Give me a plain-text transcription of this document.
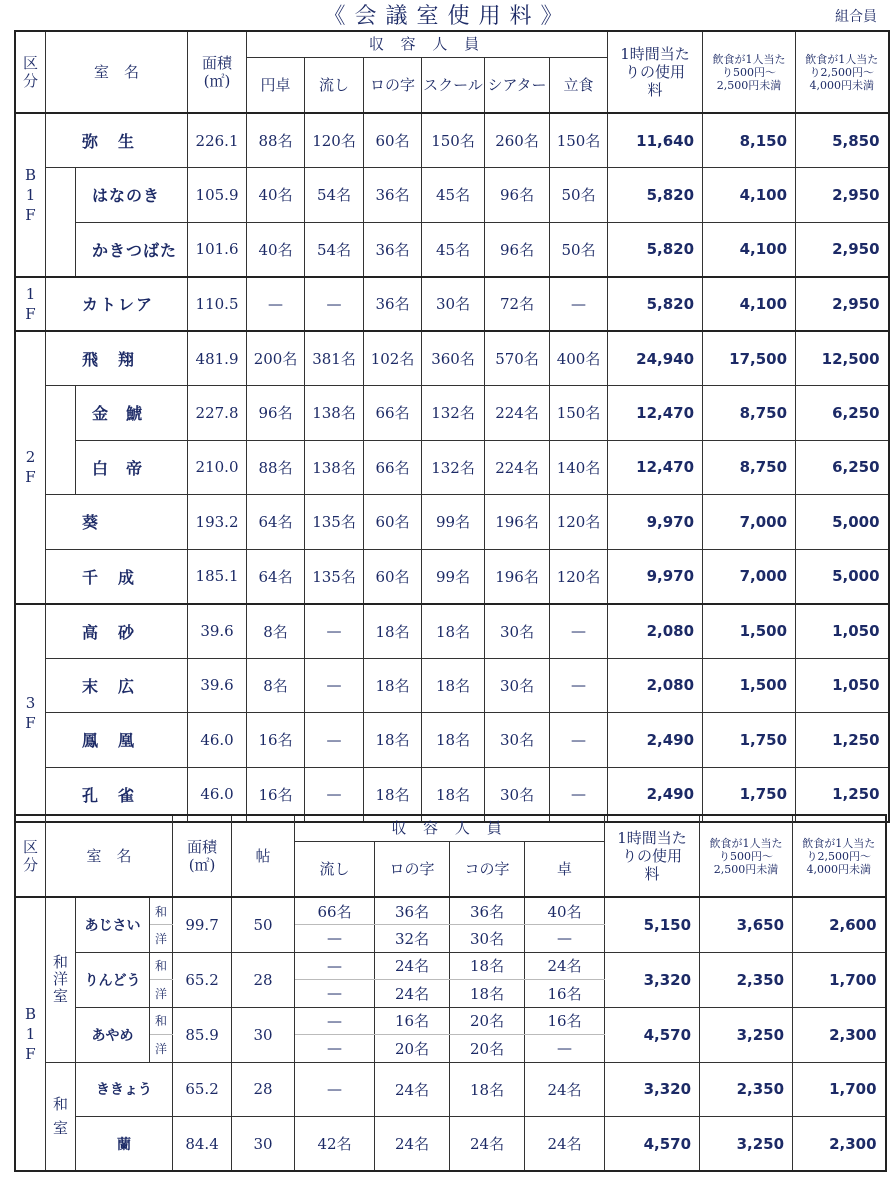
《会議室使用料》	組合員
区分	室　名		面積
(㎡)	収 容 人 員						1時間当たりの使用料	飲食が1人当たり500円〜2,500円未満	飲食が1人当たり2,500円〜4,000円未満
				円卓	流し	ロの字	スクール	シアター	立食			
B 1 F	弥　生		226.1	88名	120名	60名	150名	260名	150名	11,640	8,150	5,850
		はなのき	105.9	40名	54名	36名	45名	96名	50名	5,820	4,100	2,950
		かきつばた	101.6	40名	54名	36名	45名	96名	50名	5,820	4,100	2,950
1 F	カトレア		110.5	—	—	36名	30名	72名	—	5,820	4,100	2,950
2 F	飛　翔		481.9	200名	381名	102名	360名	570名	400名	24,940	17,500	12,500
		金　鯱	227.8	96名	138名	66名	132名	224名	150名	12,470	8,750	6,250
		白　帝	210.0	88名	138名	66名	132名	224名	140名	12,470	8,750	6,250
	葵		193.2	64名	135名	60名	99名	196名	120名	9,970	7,000	5,000
	千　成		185.1	64名	135名	60名	99名	196名	120名	9,970	7,000	5,000
3 F	高　砂		39.6	8名	—	18名	18名	30名	—	2,080	1,500	1,050
	末　広		39.6	8名	—	18名	18名	30名	—	2,080	1,500	1,050
	鳳　凰		46.0	16名	—	18名	18名	30名	—	2,490	1,750	1,250
	孔　雀		46.0	16名	—	18名	18名	30名	—	2,490	1,750	1,250
区分	室　名			面積
(㎡)	帖	収 容 人 員				1時間当たりの使用料	飲食が1人当たり500円〜2,500円未満	飲食が1人当たり2,500円〜4,000円未満
						流し	ロの字	コの字	卓			
B 1 F	和洋室	あじさい	和	99.7	50	66名	36名	36名	40名	5,150	3,650	2,600
			洋			—	32名	30名	—			
		りんどう	和	65.2	28	—	24名	18名	24名	3,320	2,350	1,700
			洋			—	24名	18名	16名			
		あやめ	和	85.9	30	—	16名	20名	16名	4,570	3,250	2,300
			洋			—	20名	20名	—			
	和室	ききょう		65.2	28	—	24名	18名	24名	3,320	2,350	1,700
		蘭		84.4	30	42名	24名	24名	24名	4,570	3,250	2,300
